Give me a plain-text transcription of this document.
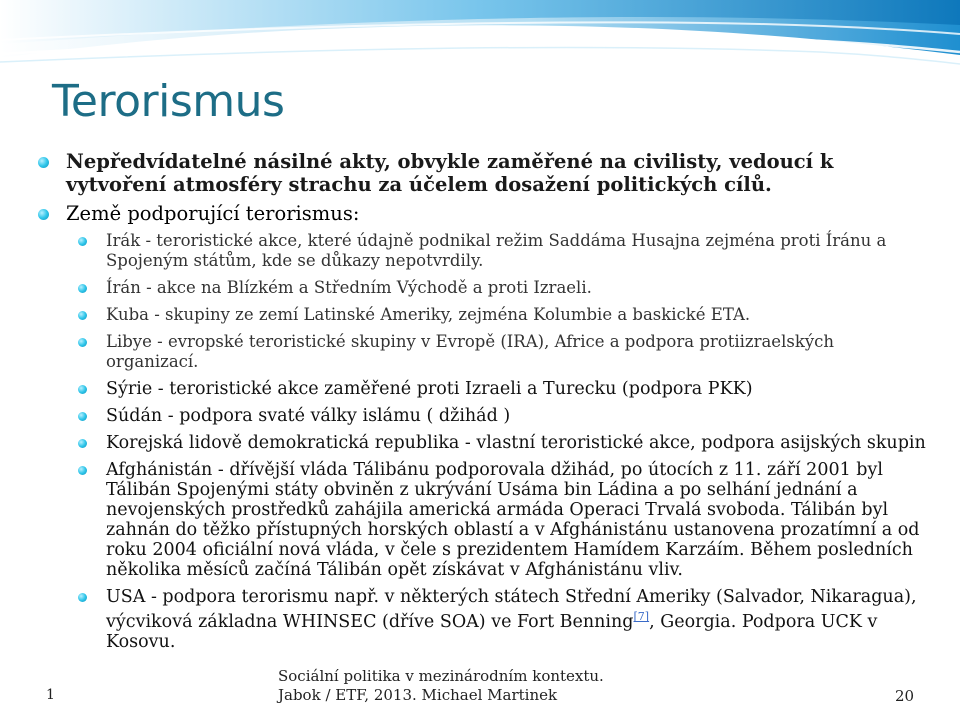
Terorismus
Nepředvídatelné násilné akty, obvykle zaměřené na civilisty, vedoucí k vytvoření atmosféry strachu za účelem dosažení politických cílů.
Země podporující terorismus:
Irák - teroristické akce, které údajně podnikal režim Saddáma Husajna zejména proti Íránu a Spojeným státům, kde se důkazy nepotvrdily.
Írán - akce na Blízkém a Středním Východě a proti Izraeli.
Kuba - skupiny ze zemí Latinské Ameriky, zejména Kolumbie a baskické ETA.
Libye - evropské teroristické skupiny v Evropě (IRA), Africe a podpora protiizraelských organizací.
Sýrie - teroristické akce zaměřené proti Izraeli a Turecku (podpora PKK)
Súdán - podpora svaté války islámu ( džihád )
Korejská lidově demokratická republika - vlastní teroristické akce, podpora asijských skupin
Afghánistán - dřívější vláda Tálibánu podporovala džihád, po útocích z 11. září 2001 byl Tálibán Spojenými státy obviněn z ukrývání Usáma bin Ládina a po selhání jednání a nevojenských prostředků zahájila americká armáda Operaci Trvalá svoboda. Tálibán byl zahnán do těžko přístupných horských oblastí a v Afghánistánu ustanovena prozatímní a od roku 2004 oficiální nová vláda, v čele s prezidentem Hamídem Karzáím. Během posledních několika měsíců začíná Tálibán opět získávat v Afghánistánu vliv.
USA - podpora terorismu např. v některých státech Střední Ameriky (Salvador, Nikaragua), výcviková základna WHINSEC (dříve SOA) ve Fort Benning[7], Georgia. Podpora UCK v Kosovu.
1
Sociální politika v mezinárodním kontextu.
Jabok / ETF, 2013. Michael Martinek	20
